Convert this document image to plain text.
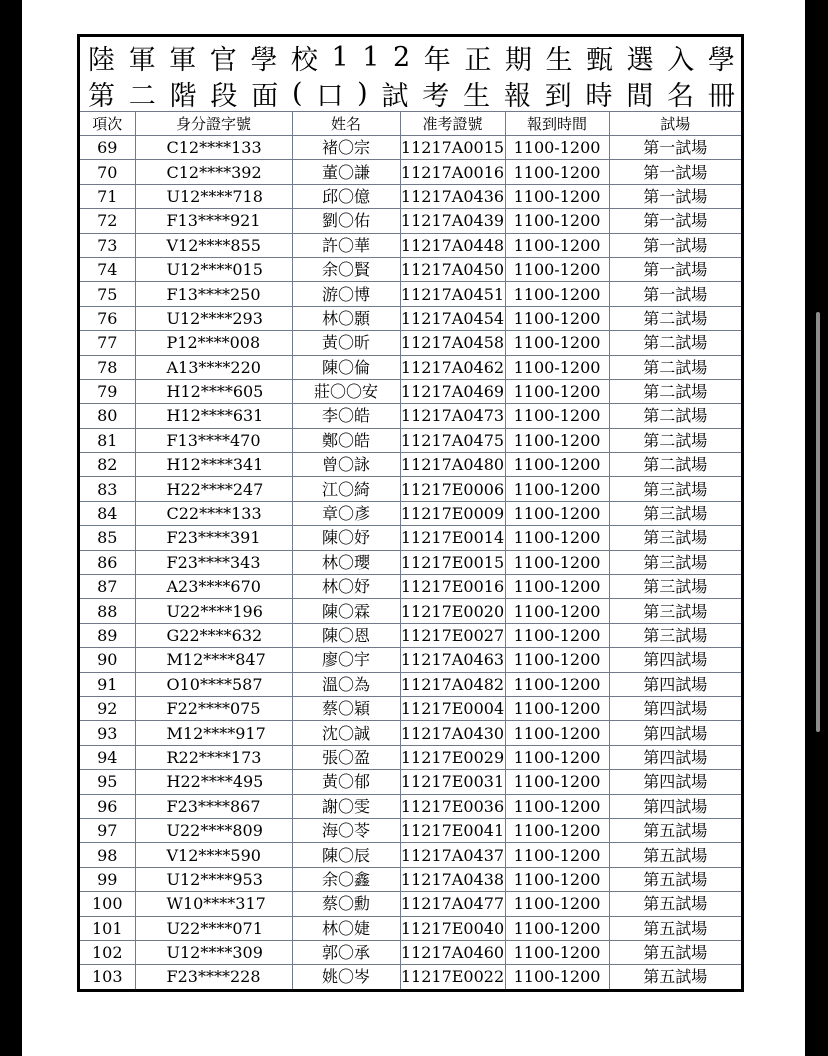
陸 軍 軍 官 學 校 1 1 2 年 正 期 生 甄 選 入 學
第 二 階 段 面 ( 口 ) 試 考 生 報 到 時 間 名 冊
項次	身分證字號	姓名	准考證號	報到時間	試場
69	C12****133	褚〇宗	11217A0015	1100-1200	第一試場
70	C12****392	董〇謙	11217A0016	1100-1200	第一試場
71	U12****718	邱〇億	11217A0436	1100-1200	第一試場
72	F13****921	劉〇佑	11217A0439	1100-1200	第一試場
73	V12****855	許〇華	11217A0448	1100-1200	第一試場
74	U12****015	余〇賢	11217A0450	1100-1200	第一試場
75	F13****250	游〇博	11217A0451	1100-1200	第一試場
76	U12****293	林〇顥	11217A0454	1100-1200	第二試場
77	P12****008	黃〇昕	11217A0458	1100-1200	第二試場
78	A13****220	陳〇倫	11217A0462	1100-1200	第二試場
79	H12****605	莊〇〇安	11217A0469	1100-1200	第二試場
80	H12****631	李〇皓	11217A0473	1100-1200	第二試場
81	F13****470	鄭〇皓	11217A0475	1100-1200	第二試場
82	H12****341	曾〇詠	11217A0480	1100-1200	第二試場
83	H22****247	江〇綺	11217E0006	1100-1200	第三試場
84	C22****133	章〇彥	11217E0009	1100-1200	第三試場
85	F23****391	陳〇妤	11217E0014	1100-1200	第三試場
86	F23****343	林〇瓔	11217E0015	1100-1200	第三試場
87	A23****670	林〇妤	11217E0016	1100-1200	第三試場
88	U22****196	陳〇霖	11217E0020	1100-1200	第三試場
89	G22****632	陳〇恩	11217E0027	1100-1200	第三試場
90	M12****847	廖〇宇	11217A0463	1100-1200	第四試場
91	O10****587	溫〇為	11217A0482	1100-1200	第四試場
92	F22****075	蔡〇穎	11217E0004	1100-1200	第四試場
93	M12****917	沈〇誠	11217A0430	1100-1200	第四試場
94	R22****173	張〇盈	11217E0029	1100-1200	第四試場
95	H22****495	黃〇郁	11217E0031	1100-1200	第四試場
96	F23****867	謝〇雯	11217E0036	1100-1200	第四試場
97	U22****809	海〇苓	11217E0041	1100-1200	第五試場
98	V12****590	陳〇辰	11217A0437	1100-1200	第五試場
99	U12****953	余〇鑫	11217A0438	1100-1200	第五試場
100	W10****317	蔡〇勳	11217A0477	1100-1200	第五試場
101	U22****071	林〇婕	11217E0040	1100-1200	第五試場
102	U12****309	郭〇承	11217A0460	1100-1200	第五試場
103	F23****228	姚〇岑	11217E0022	1100-1200	第五試場
